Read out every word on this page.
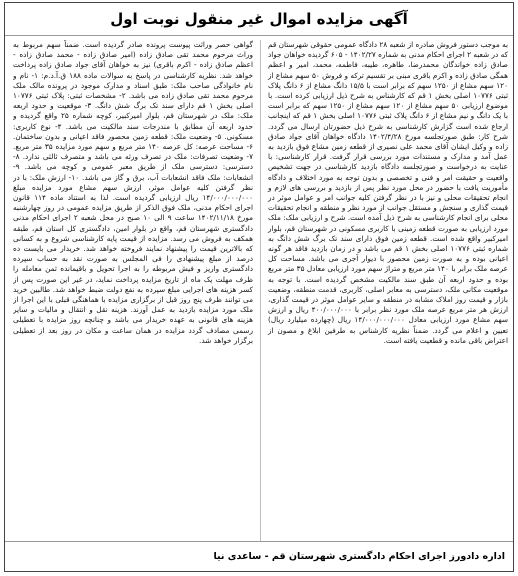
آگهی مزایده اموال غیر منقول نوبت اول
به موجب دستور فروش صادره از شعبه ۲۸ دادگاه عمومی حقوقی شهرستان قم که در شعبه ۲ اجرای احکام مدنی به شماره ۱۴۰۲/۲۷ - ۶۰۵ گردیده خواهان جواد صادق زاده خواندگان محمدرضا، طاهره، طیبه، فاطمه، محمد، امیر و اعظم همگی صادق زاده و اکرم باقری مبنی بر تقسیم ترکه و فروش ۵۰ سهم مشاع از ۱۲۰ سهم مشاع از ۱۲۵۰ سهم که برابر است با ۱۵/۵ دانگ مشاع از ۶ دانگ پلاک ثبتی ۱۰۷۷۶ اصلی بخش ۱ قم که کارشناس به شرح ذیل ارزیابی کرده است. با موضوع ارزیابی ۵۰ سهم مشاع از ۱۲۰ سهم مشاع از ۱۲۵۰ سهم که برابر است با یک دانگ و نیم مشاع از ۶ دانگ پلاک ثبتی ۱۰۷۷۶ اصلی بخش ۱ قم که اینجانب ارجاع شده است گزارش کارشناسی به شرح ذیل حضورتان ارسال می گردد. شرح کار: طبق صورتجلسه مورخ ۱۴۰۲/۴/۲۸ دادگاه خواهان آقای جواد صادق زاده و وکیل ایشان آقای محمد علی نصیری از قطعه زمین مشاع فوق بازدید به عمل آمد و مدارک و مستندات مورد بررسی قرار گرفت. قرار کارشناسی: با عنایت به درخواست و صورتجلسه دادگاه بازدید کارشناسی در جهت تشخیص واقعیت و حقیقت امر و فنی و تخصصی و بدون توجه به مورد اختلاف و دادگاه مأموریت یافت با حضور در محل مورد نظر پس از بازدید و بررسی های لازم و انجام تحقیقات محلی و نیز با در نظر گرفتن کلیه جوانب امر و عوامل موثر در قیمت گذاری و سنجش و مستقل جوانب از مورد نظر و منطقه و انجام تحقیقات محلی برای انجام کارشناسی به شرح ذیل آمده است. شرح و ارزیابی ملک: ملک مورد ارزیابی به صورت قطعه زمینی با کاربری مسکونی در شهرستان قم، بلوار امیرکبیر واقع شده است. قطعه زمین فوق دارای سند تک برگ شش دانگ به شماره ثبتی ۱۰۷۷۶ اصلی بخش ۱ قم می باشد و در زمان بازدید فاقد هر گونه اعیانی بوده و به صورت زمین محصور با دیوار آجری می باشد. مساحت کل عرصه ملک برابر با ۱۴۰ متر مربع و متراژ سهم مورد ارزیابی معادل ۳۵ متر مربع بوده و حدود اربعه آن طبق سند مالکیت مشخص گردیده است. با توجه به موقعیت مکانی ملک، دسترسی به معابر اصلی، کاربری، قدمت منطقه، وضعیت بازار و قیمت روز املاک مشابه در منطقه و سایر عوامل موثر در قیمت گذاری، ارزش هر متر مربع عرصه ملک مورد نظر برابر با ۴۰۰/۰۰۰/۰۰۰ ریال و ارزش سهم مشاع مورد ارزیابی معادل ۱۴/۰۰۰/۰۰۰/۰۰۰ ریال (چهارده میلیارد ریال) تعیین و اعلام می گردد. ضمناً نظریه کارشناس به طرفین ابلاغ و مصون از اعتراض باقی مانده و قطعیت یافته است.
گواهی حصر وراثت پیوست پرونده صادر گردیده است. ضمناً سهم مربوط به وراث مرحوم محمد تقی صادق زاده (امیر صادق زاده - محمد صادق زاده - اعظم صادق زاده - اکرم باقری) نیز به خواهان آقای جواد صادق زاده پرداخت خواهد شد. نظریه کارشناسی در پاسخ به سوالات ماده ۱۸۸ ق.آ.د.م: ۱- نام و نام خانوادگی صاحب ملک: طبق اسناد و مدارک موجود در پرونده مالک ملک مرحوم محمد تقی صادق زاده می باشد. ۲- مشخصات ثبتی: پلاک ثبتی ۱۰۷۷۶ اصلی بخش ۱ قم دارای سند تک برگ شش دانگ. ۳- موقعیت و حدود اربعه ملک: ملک در شهرستان قم، بلوار امیرکبیر، کوچه شماره ۲۵ واقع گردیده و حدود اربعه آن مطابق با مندرجات سند مالکیت می باشد. ۴- نوع کاربری: مسکونی. ۵- وضعیت ملک: قطعه زمین محصور فاقد اعیانی و بدون ساختمان. ۶- مساحت عرصه: کل عرصه ۱۴۰ متر مربع و سهم مورد مزایده ۳۵ متر مربع. ۷- وضعیت تصرفات: ملک در تصرف ورثه می باشد و متصرف ثالثی ندارد. ۸- دسترسی: دسترسی ملک از طریق معبر عمومی و کوچه می باشد. ۹- انشعابات: ملک فاقد انشعابات آب، برق و گاز می باشد. ۱۰- ارزش ملک: با در نظر گرفتن کلیه عوامل موثر، ارزش سهم مشاع مورد مزایده مبلغ ۱۴/۰۰۰/۰۰۰/۰۰۰ ریال ارزیابی گردیده است. لذا به استناد ماده ۱۱۴ قانون اجرای احکام مدنی، ملک فوق الذکر از طریق مزایده عمومی در روز چهارشنبه مورخ ۱۴۰۲/۱۱/۱۸ ساعت ۹ الی ۱۰ صبح در محل شعبه ۲ اجرای احکام مدنی دادگستری شهرستان قم، واقع در بلوار امین، دادگستری کل استان قم، طبقه همکف به فروش می رسد. مزایده از قیمت پایه کارشناسی شروع و به کسانی که بالاترین قیمت را پیشنهاد نمایند فروخته خواهد شد. خریدار می بایست ده درصد از مبلغ پیشنهادی را فی المجلس به صورت نقد به حساب سپرده دادگستری واریز و فیش مربوطه را به اجرا تحویل و باقیمانده ثمن معامله را ظرف مهلت یک ماه از تاریخ مزایده پرداخت نماید، در غیر این صورت پس از کسر هزینه های اجرایی مبلغ سپرده به نفع دولت ضبط خواهد شد. طالبین خرید می توانند ظرف پنج روز قبل از برگزاری مزایده با هماهنگی قبلی با این اجرا از ملک مورد مزایده بازدید به عمل آورند. هزینه نقل و انتقال و مالیات و سایر هزینه های قانونی به عهده خریدار می باشد و چنانچه روز مزایده با تعطیلی رسمی مصادف گردد مزایده در همان ساعت و مکان در روز بعد از تعطیلی برگزار خواهد شد.
اداره دادورز اجرای احکام دادگستری شهرستان قم - ساعدی نیا
